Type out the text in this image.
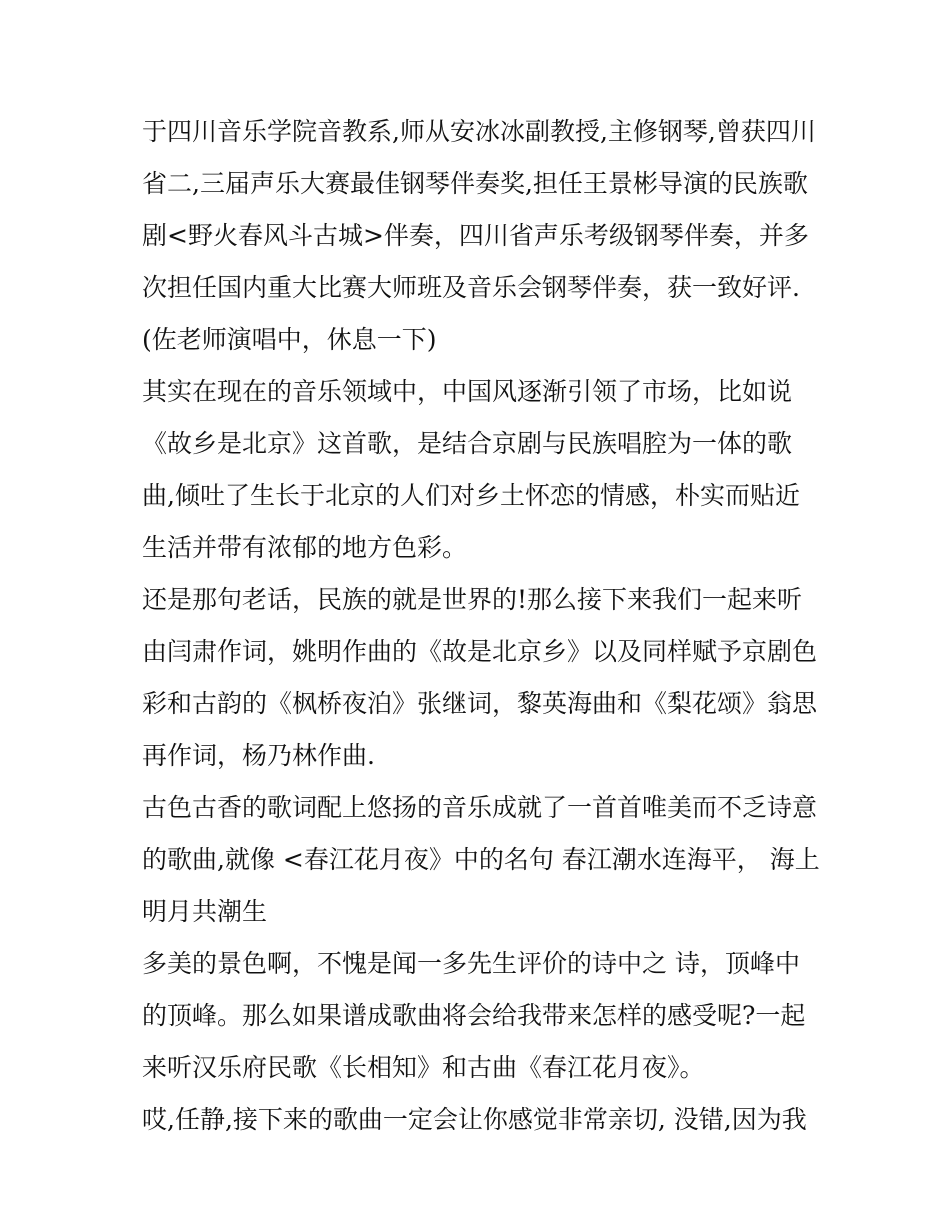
于四川音乐学院音教系,师从安冰冰副教授,主修钢琴,曾获四川
省二,三届声乐大赛最佳钢琴伴奏奖,担任王景彬导演的民族歌
剧<野火春风斗古城>伴奏，四川省声乐考级钢琴伴奏，并多
次担任国内重大比赛大师班及音乐会钢琴伴奏，获一致好评.
(佐老师演唱中，休息一下)
其实在现在的音乐领域中，中国风逐渐引领了市场，比如说
《故乡是北京》这首歌，是结合京剧与民族唱腔为一体的歌
曲,倾吐了生长于北京的人们对乡土怀恋的情感，朴实而贴近
生活并带有浓郁的地方色彩。
还是那句老话，民族的就是世界的!那么接下来我们一起来听
由闫肃作词，姚明作曲的《故是北京乡》以及同样赋予京剧色
彩和古韵的《枫桥夜泊》张继词，黎英海曲和《梨花颂》翁思
再作词，杨乃林作曲.
古色古香的歌词配上悠扬的音乐成就了一首首唯美而不乏诗意
的歌曲,就像 <春江花月夜》中的名句 春江潮水连海平， 海上
明月共潮生
多美的景色啊，不愧是闻一多先生评价的诗中之 诗，顶峰中
的顶峰。那么如果谱成歌曲将会给我带来怎样的感受呢?一起
来听汉乐府民歌《长相知》和古曲《春江花月夜》。
哎,任静,接下来的歌曲一定会让你感觉非常亲切, 没错,因为我
